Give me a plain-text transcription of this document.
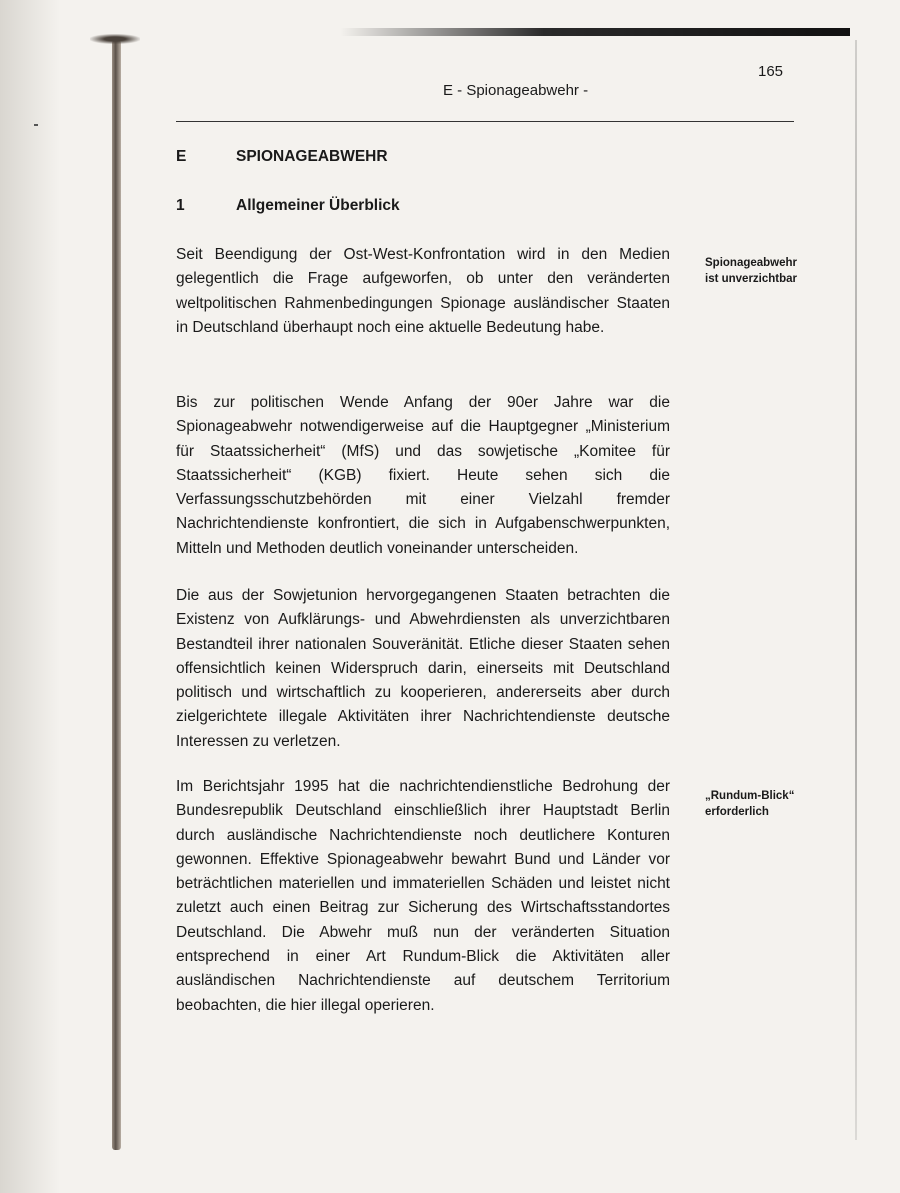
165
E - Spionageabwehr -
E	SPIONAGEABWEHR
1	Allgemeiner Überblick
Seit Beendigung der Ost-West-Konfrontation wird in den Medien gelegentlich die Frage aufgeworfen, ob unter den veränderten weltpolitischen Rahmenbedingungen Spionage ausländischer Staaten in Deutschland überhaupt noch eine aktuelle Bedeutung habe.
Bis zur politischen Wende Anfang der 90er Jahre war die Spionageabwehr notwendigerweise auf die Hauptgegner „Ministerium für Staatssicherheit“ (MfS) und das sowjetische „Komitee für Staatssicherheit“ (KGB) fixiert. Heute sehen sich die Verfassungsschutzbehörden mit einer Vielzahl fremder Nachrichtendienste konfrontiert, die sich in Aufgabenschwerpunkten, Mitteln und Methoden deutlich voneinander unterscheiden.
Die aus der Sowjetunion hervorgegangenen Staaten betrachten die Existenz von Aufklärungs- und Abwehrdiensten als unverzichtbaren Bestandteil ihrer nationalen Souveränität. Etliche dieser Staaten sehen offensichtlich keinen Widerspruch darin, einerseits mit Deutschland politisch und wirtschaftlich zu kooperieren, andererseits aber durch zielgerichtete illegale Aktivitäten ihrer Nachrichtendienste deutsche Interessen zu verletzen.
Im Berichtsjahr 1995 hat die nachrichtendienstliche Bedrohung der Bundesrepublik Deutschland einschließlich ihrer Hauptstadt Berlin durch ausländische Nachrichtendienste noch deutlichere Konturen gewonnen. Effektive Spionageabwehr bewahrt Bund und Länder vor beträchtlichen materiellen und immateriellen Schäden und leistet nicht zuletzt auch einen Beitrag zur Sicherung des Wirtschaftsstandortes Deutschland. Die Abwehr muß nun der veränderten Situation entsprechend in einer Art Rundum-Blick die Aktivitäten aller ausländischen Nachrichtendienste auf deutschem Territorium beobachten, die hier illegal operieren.
Spionageabwehr ist unverzichtbar
„Rundum-Blick“ erforderlich
